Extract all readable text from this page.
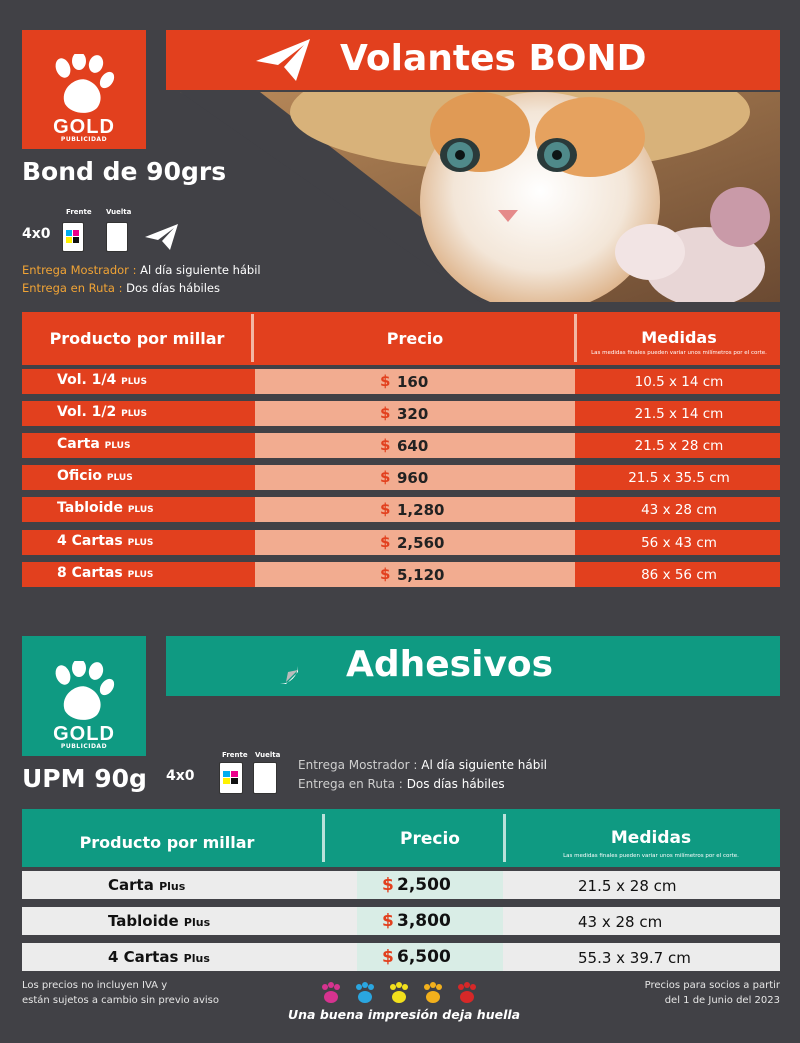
GOLD
PUBLICIDAD
Volantes BOND
Bond de 90grs
4x0
Frente Vuelta
Entrega Mostrador : Al día siguiente hábil
Entrega en Ruta : Dos días hábiles
Producto por millar	Precio	Medidas
Las medidas finales pueden variar unos milímetros por el corte.
Vol. 1/4 PLUS	$ 160	10.5 x 14 cm
Vol. 1/2 PLUS	$ 320	21.5 x 14 cm
Carta PLUS	$ 640	21.5 x 28 cm
Oficio PLUS	$ 960	21.5 x 35.5 cm
Tabloide PLUS	$ 1,280	43 x 28 cm
4 Cartas PLUS	$ 2,560	56 x 43 cm
8 Cartas PLUS	$ 5,120	86 x 56 cm
GOLD
PUBLICIDAD
Adhesivos
UPM 90g 4x0
Frente Vuelta
Entrega Mostrador : Al día siguiente hábil
Entrega en Ruta : Dos días hábiles
Producto por millar	Precio	Medidas
Las medidas finales pueden variar unos milímetros por el corte.
Carta Plus	$ 2,500	21.5 x 28 cm
Tabloide Plus	$ 3,800	43 x 28 cm
4 Cartas Plus	$ 6,500	55.3 x 39.7 cm
Los precios no incluyen IVA y
están sujetos a cambio sin previo aviso
Precios para socios a partir
del 1 de Junio del 2023
Una buena impresión deja huella
